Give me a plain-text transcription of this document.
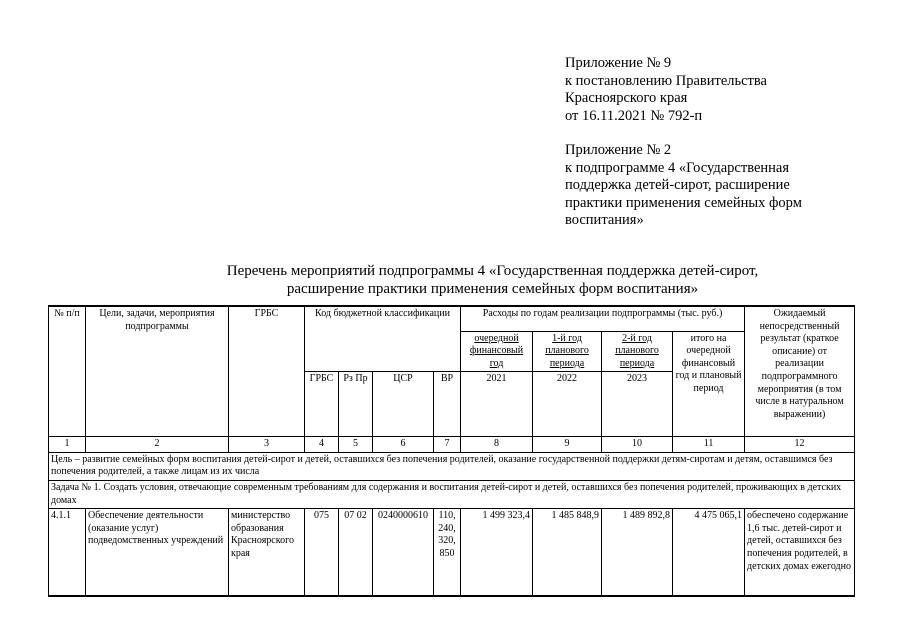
Приложение № 9
к постановлению Правительства
Красноярского края
от 16.11.2021 № 792-п
Приложение № 2
к подпрограмме 4 «Государственная
поддержка детей-сирот, расширение
практики применения семейных форм
воспитания»
Перечень мероприятий подпрограммы 4 «Государственная поддержка детей-сирот,
расширение практики применения семейных форм воспитания»
№ п/п	Цели, задачи, мероприятия подпрограммы	ГРБС	Код бюджетной классификации				Расходы по годам реализации подпрограммы (тыс. руб.)				Ожидаемый непосредственный результат (краткое описание) от реализации подпрограммного мероприятия (в том числе в натуральном выражении)
							очередной финансовый год	1-й год планового периода	2-й год планового периода	итого на очередной финансовый год и плановый период	
			ГРБС	Рз Пр	ЦСР	ВР	2021	2022	2023		
1	2	3	4	5	6	7	8	9	10	11	12
Цель – развитие семейных форм воспитания детей-сирот и детей, оставшихся без попечения родителей, оказание государственной поддержки детям-сиротам и детям, оставшимся без попечения родителей, а также лицам из их числа											
Задача № 1. Создать условия, отвечающие современным требованиям для содержания и воспитания детей-сирот и детей, оставшихся без попечения родителей, проживающих в детских домах											
4.1.1	Обеспечение деятельности (оказание услуг) подведомственных учреждений	министерство образования Красноярского края	075	07 02	0240000610	110, 240, 320, 850	1 499 323,4	1 485 848,9	1 489 892,8	4 475 065,1	обеспечено содержание 1,6 тыс. детей-сирот и детей, оставшихся без попечения родителей, в детских домах ежегодно
